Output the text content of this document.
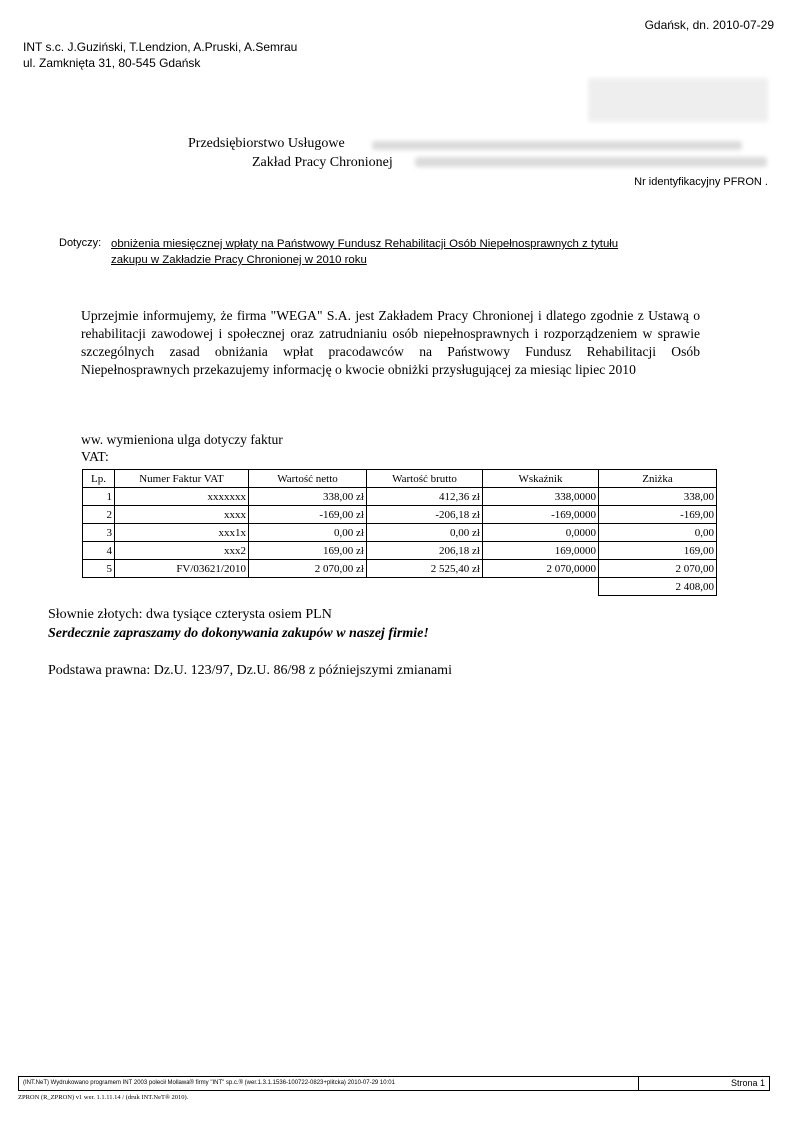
Gdańsk, dn. 2010-07-29
INT s.c. J.Guziński, T.Lendzion, A.Pruski, A.Semrau
ul. Zamknięta 31, 80-545 Gdańsk
Przedsiębiorstwo Usługowe
Zakład Pracy Chronionej
Nr identyfikacyjny PFRON .
Dotyczy: obniżenia miesięcznej wpłaty na Państwowy Fundusz Rehabilitacji Osób Niepełnosprawnych z tytułu
zakupu w Zakładzie Pracy Chronionej w 2010 roku
Uprzejmie informujemy, że firma "WEGA" S.A. jest Zakładem Pracy Chronionej i dlatego zgodnie z Ustawą o rehabilitacji zawodowej i społecznej oraz zatrudnianiu osób niepełnosprawnych i rozporządzeniem w sprawie szczególnych zasad obniżania wpłat pracodawców na Państwowy Fundusz Rehabilitacji Osób Niepełnosprawnych przekazujemy informację o kwocie obniżki przysługującej za miesiąc lipiec 2010
ww. wymieniona ulga dotyczy faktur
VAT:
Lp.	Numer Faktur VAT	Wartość netto	Wartość brutto	Wskaźnik	Zniżka
1	xxxxxxx	338,00 zł	412,36 zł	338,0000	338,00
2	xxxx	-169,00 zł	-206,18 zł	-169,0000	-169,00
3	xxx1x	0,00 zł	0,00 zł	0,0000	0,00
4	xxx2	169,00 zł	206,18 zł	169,0000	169,00
5	FV/03621/2010	2 070,00 zł	2 525,40 zł	2 070,0000	2 070,00
					2 408,00
Słownie złotych: dwa tysiące czterysta osiem PLN
Serdecznie zapraszamy do dokonywania zakupów w naszej firmie!
Podstawa prawna: Dz.U. 123/97, Dz.U. 86/98 z późniejszymi zmianami
(INT.NeT) Wydrukowano programem INT 2003 polecił Mollawa® firmy "INT" sp.c.® (wer.1.3.1.1536-100722-0823+plitcka) 2010-07-29 10:01	Strona 1
ZPRON (R_ZPRON) v1 wer. 1.1.11.14 / (druk INT.NeT® 2010).
